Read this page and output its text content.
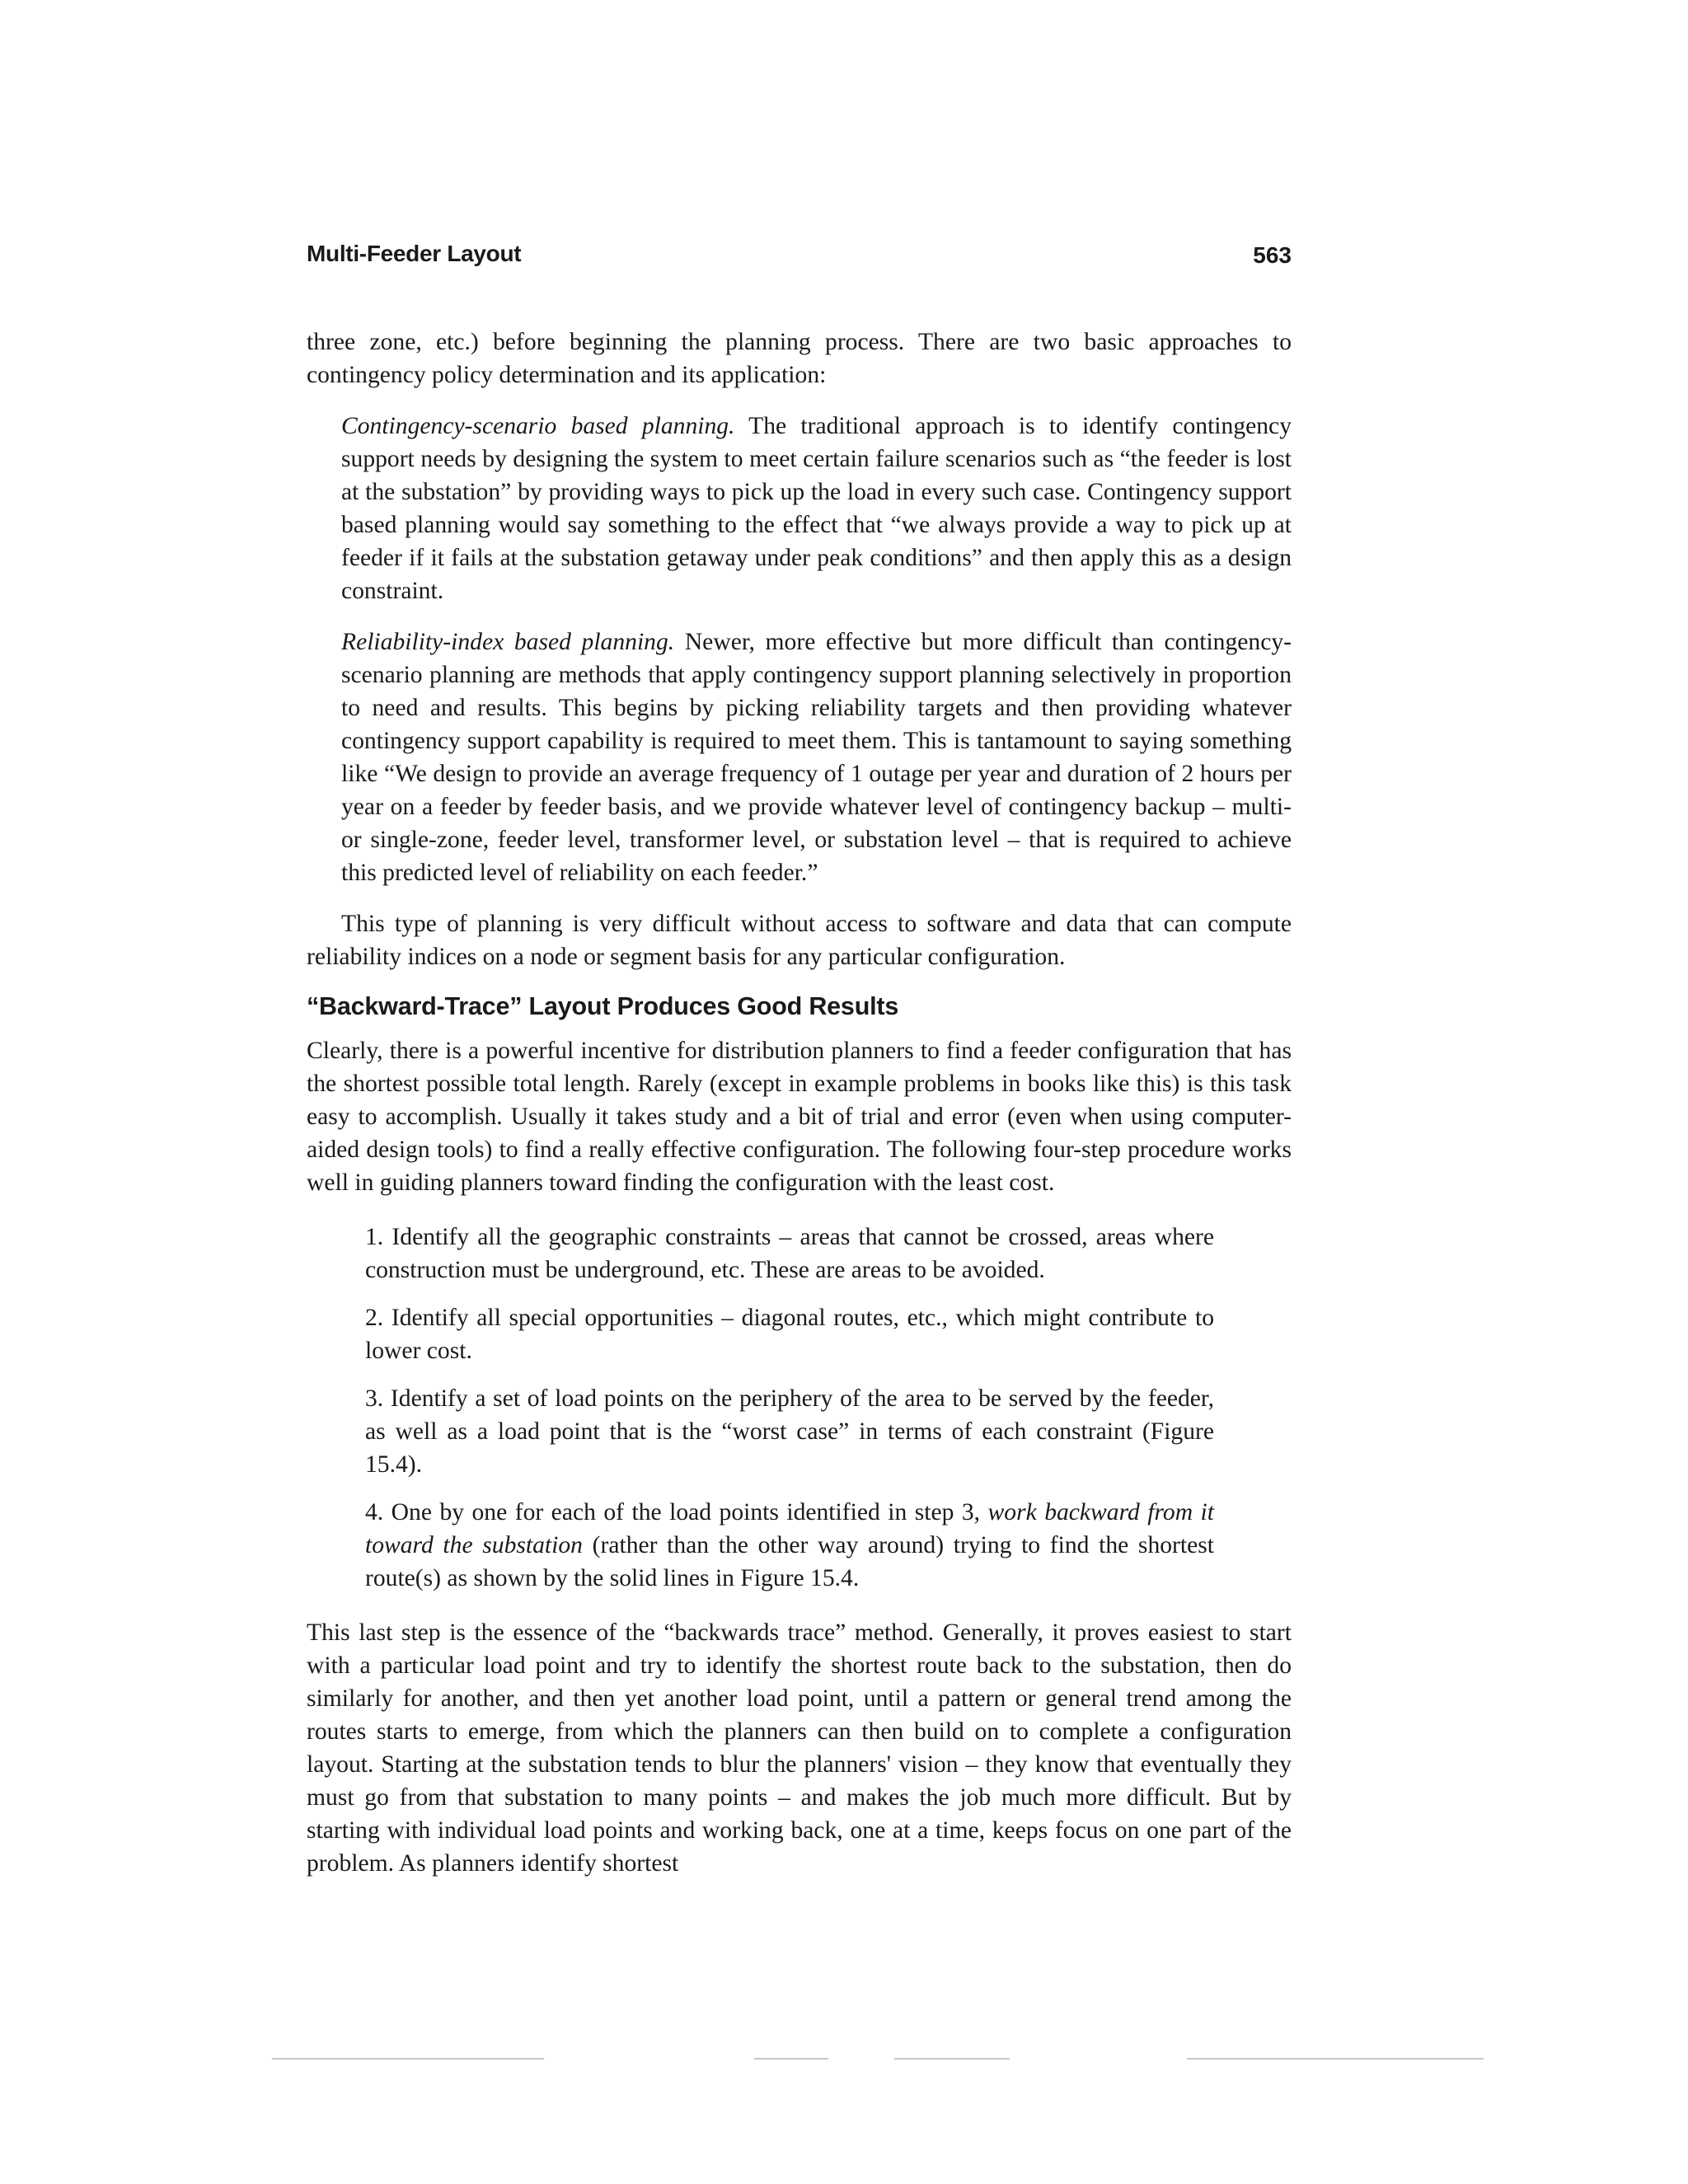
Multi-Feeder Layout	563

three zone, etc.) before beginning the planning process. There are two basic approaches to contingency policy determination and its application:

Contingency-scenario based planning. The traditional approach is to identify contingency support needs by designing the system to meet certain failure scenarios such as “the feeder is lost at the substation” by providing ways to pick up the load in every such case. Contingency support based planning would say something to the effect that “we always provide a way to pick up at feeder if it fails at the substation getaway under peak conditions” and then apply this as a design constraint.

Reliability-index based planning. Newer, more effective but more difficult than contingency-scenario planning are methods that apply contingency support planning selectively in proportion to need and results. This begins by picking reliability targets and then providing whatever contingency support capability is required to meet them. This is tantamount to saying something like “We design to provide an average frequency of 1 outage per year and duration of 2 hours per year on a feeder by feeder basis, and we provide whatever level of contingency backup – multi- or single-zone, feeder level, transformer level, or substation level – that is required to achieve this predicted level of reliability on each feeder.”

This type of planning is very difficult without access to software and data that can compute reliability indices on a node or segment basis for any particular configuration.

“Backward-Trace” Layout Produces Good Results

Clearly, there is a powerful incentive for distribution planners to find a feeder configuration that has the shortest possible total length. Rarely (except in example problems in books like this) is this task easy to accomplish. Usually it takes study and a bit of trial and error (even when using computer-aided design tools) to find a really effective configuration. The following four-step procedure works well in guiding planners toward finding the configuration with the least cost.

1. Identify all the geographic constraints – areas that cannot be crossed, areas where construction must be underground, etc. These are areas to be avoided.

2. Identify all special opportunities – diagonal routes, etc., which might contribute to lower cost.

3. Identify a set of load points on the periphery of the area to be served by the feeder, as well as a load point that is the “worst case” in terms of each constraint (Figure 15.4).

4. One by one for each of the load points identified in step 3, work backward from it toward the substation (rather than the other way around) trying to find the shortest route(s) as shown by the solid lines in Figure 15.4.

This last step is the essence of the “backwards trace” method. Generally, it proves easiest to start with a particular load point and try to identify the shortest route back to the substation, then do similarly for another, and then yet another load point, until a pattern or general trend among the routes starts to emerge, from which the planners can then build on to complete a configuration layout. Starting at the substation tends to blur the planners' vision – they know that eventually they must go from that substation to many points – and makes the job much more difficult. But by starting with individual load points and working back, one at a time, keeps focus on one part of the problem. As planners identify shortest
